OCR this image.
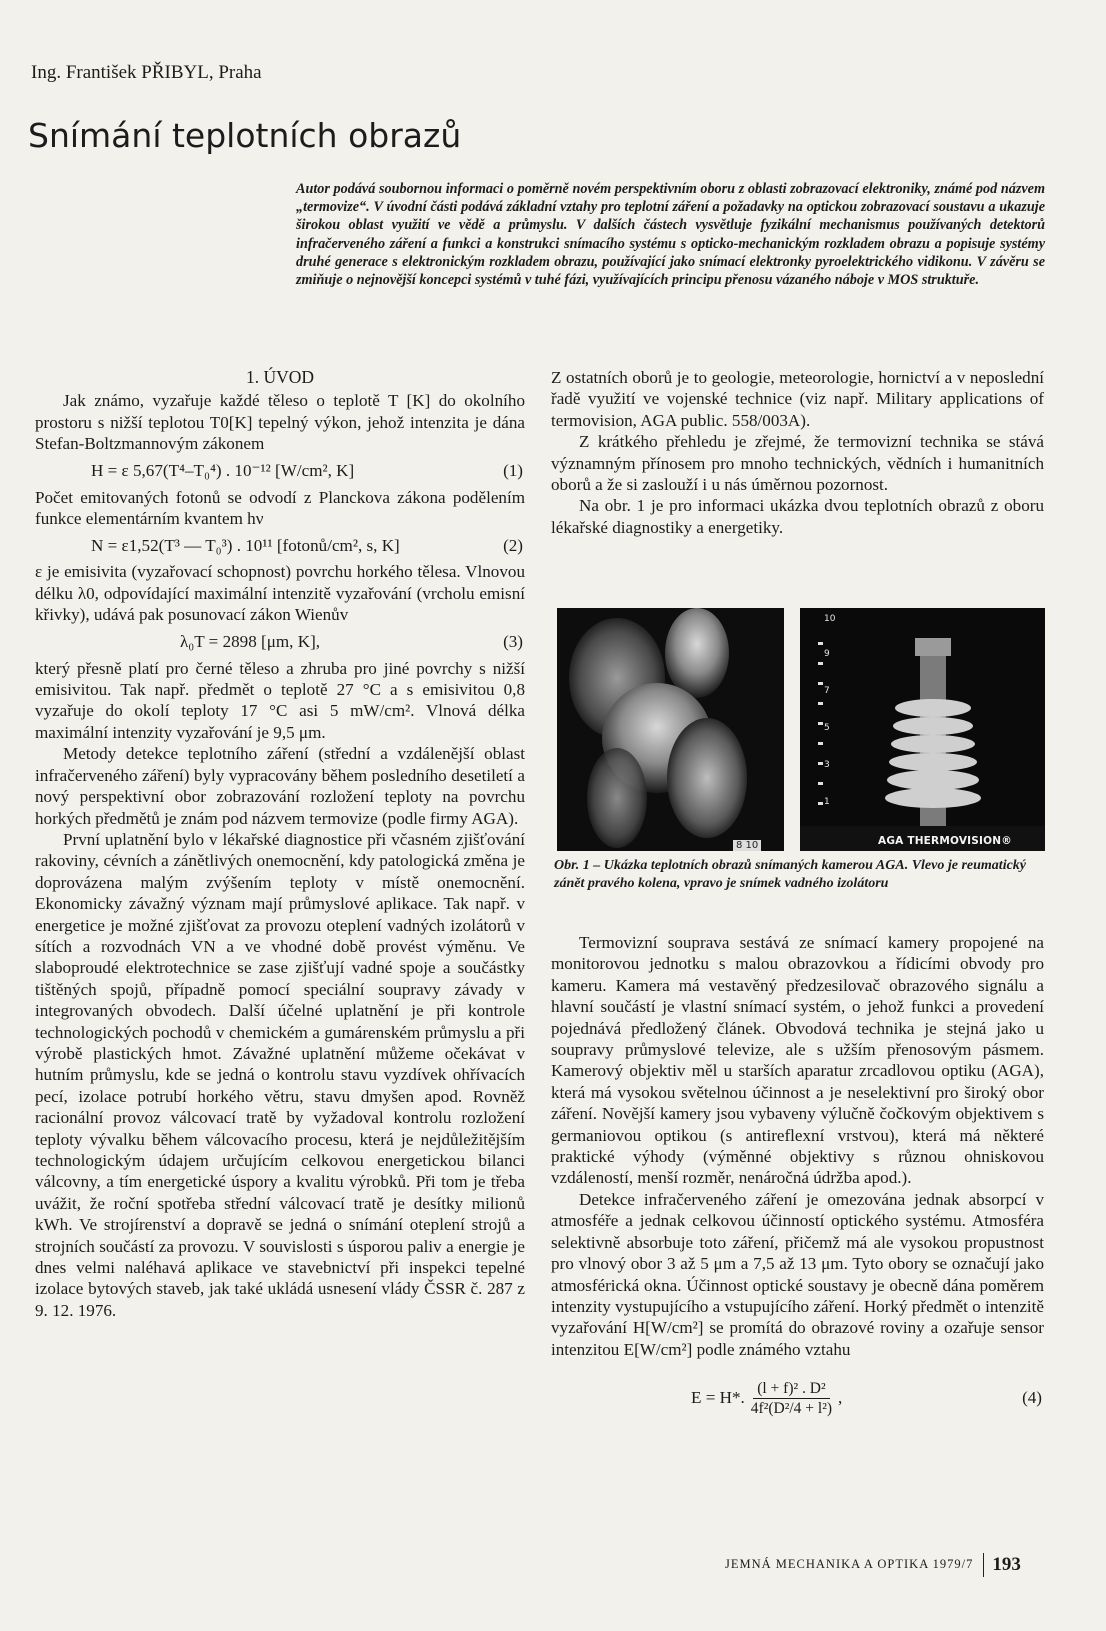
Ing. František PŘIBYL, Praha
Snímání teplotních obrazů

Autor podává soubornou informaci o poměrně novém perspektivním oboru z oblasti zobrazovací elektroniky, známé pod názvem „termovize“. V úvodní části podává základní vztahy pro teplotní záření a požadavky na optickou zobrazovací soustavu a ukazuje širokou oblast využití ve vědě a průmyslu. V dalších částech vysvětluje fyzikální mechanismus používaných detektorů infračerveného záření a funkci a konstrukci snímacího systému s opticko-mechanickým rozkladem obrazu a popisuje systémy druhé generace s elektronickým rozkladem obrazu, používající jako snímací elektronky pyroelektrického vidikonu. V závěru se zmiňuje o nejnovější koncepci systémů v tuhé fázi, využívajících principu přenosu vázaného náboje v MOS struktuře.

1. ÚVOD

Jak známo, vyzařuje každé těleso o teplotě T [K] do okolního prostoru s nižší teplotou T0[K] tepelný výkon, jehož intenzita je dána Stefan-Boltzmannovým zákonem

H = ε 5,67(T⁴–T₀⁴) . 10⁻¹² [W/cm², K]	(1)

Počet emitovaných fotonů se odvodí z Planckova zákona podělením funkce elementárním kvantem hν

N = ε1,52(T³ — T₀³) . 10¹¹ [fotonů/cm², s, K]	(2)

ε je emisivita (vyzařovací schopnost) povrchu horkého tělesa. Vlnovou délku λ0, odpovídající maximální intenzitě vyzařování (vrcholu emisní křivky), udává pak posunovací zákon Wienův

λ₀T = 2898 [μm, K],	(3)

který přesně platí pro černé těleso a zhruba pro jiné povrchy s nižší emisivitou. Tak např. předmět o teplotě 27 °C a s emisivitou 0,8 vyzařuje do okolí teploty 17 °C asi 5 mW/cm². Vlnová délka maximální intenzity vyzařování je 9,5 μm.

Metody detekce teplotního záření (střední a vzdálenější oblast infračerveného záření) byly vypracovány během posledního desetiletí a nový perspektivní obor zobrazování rozložení teploty na povrchu horkých předmětů je znám pod názvem termovize (podle firmy AGA).

První uplatnění bylo v lékařské diagnostice při včasném zjišťování rakoviny, cévních a zánětlivých onemocnění, kdy patologická změna je doprovázena malým zvýšením teploty v místě onemocnění. Ekonomicky závažný význam mají průmyslové aplikace. Tak např. v energetice je možné zjišťovat za provozu oteplení vadných izolátorů v sítích a rozvodnách VN a ve vhodné době provést výměnu. Ve slaboproudé elektrotechnice se zase zjišťují vadné spoje a součástky tištěných spojů, případně pomocí speciální soupravy závady v integrovaných obvodech. Další účelné uplatnění je při kontrole technologických pochodů v chemickém a gumárenském průmyslu a při výrobě plastických hmot. Závažné uplatnění můžeme očekávat v hutním průmyslu, kde se jedná o kontrolu stavu vyzdívek ohřívacích pecí, izolace potrubí horkého větru, stavu dmyšen apod. Rovněž racionální provoz válcovací tratě by vyžadoval kontrolu rozložení teploty vývalku během válcovacího procesu, která je nejdůležitějším technologickým údajem určujícím celkovou energetickou bilanci válcovny, a tím energetické úspory a kvalitu výrobků. Při tom je třeba uvážit, že roční spotřeba střední válcovací tratě je desítky milionů kWh. Ve strojírenství a dopravě se jedná o snímání oteplení strojů a strojních součástí za provozu. V souvislosti s úsporou paliv a energie je dnes velmi naléhavá aplikace ve stavebnictví při inspekci tepelné izolace bytových staveb, jak také ukládá usnesení vlády ČSSR č. 287 z 9. 12. 1976.

Z ostatních oborů je to geologie, meteorologie, hornictví a v neposlední řadě využití ve vojenské technice (viz např. Military applications of termovision, AGA public. 558/003A).

Z krátkého přehledu je zřejmé, že termovizní technika se stává významným přínosem pro mnoho technických, vědních i humanitních oborů a že si zaslouží i u nás úměrnou pozornost.

Na obr. 1 je pro informaci ukázka dvou teplotních obrazů z oboru lékařské diagnostiky a energetiky.

8 10
10
9
7
5
3
1
AGA THERMOVISION®

Obr. 1 – Ukázka teplotních obrazů snímaných kamerou AGA. Vlevo je reumatický zánět pravého kolena, vpravo je snímek vadného izolátoru

Termovizní souprava sestává ze snímací kamery propojené na monitorovou jednotku s malou obrazovkou a řídicími obvody pro kameru. Kamera má vestavěný předzesilovač obrazového signálu a hlavní součástí je vlastní snímací systém, o jehož funkci a provedení pojednává předložený článek. Obvodová technika je stejná jako u soupravy průmyslové televize, ale s užším přenosovým pásmem. Kamerový objektiv měl u starších aparatur zrcadlovou optiku (AGA), která má vysokou světelnou účinnost a je neselektivní pro široký obor záření. Novější kamery jsou vybaveny výlučně čočkovým objektivem s germaniovou optikou (s antireflexní vrstvou), která má některé praktické výhody (výměnné objektivy s různou ohniskovou vzdáleností, menší rozměr, nenáročná údržba apod.).

Detekce infračerveného záření je omezována jednak absorpcí v atmosféře a jednak celkovou účinností optického systému. Atmosféra selektivně absorbuje toto záření, přičemž má ale vysokou propustnost pro vlnový obor 3 až 5 μm a 7,5 až 13 μm. Tyto obory se označují jako atmosférická okna. Účinnost optické soustavy je obecně dána poměrem intenzity vystupujícího a vstupujícího záření. Horký předmět o intenzitě vyzařování H[W/cm²] se promítá do obrazové roviny a ozařuje sensor intenzitou E[W/cm²] podle známého vztahu

E = H*. $\frac{\text{(l + f)² . D²}}{\text{4f²(D²/4 + l²)}}$ ,	(4)
JEMNÁ MECHANIKA A OPTIKA 1979/7 193
